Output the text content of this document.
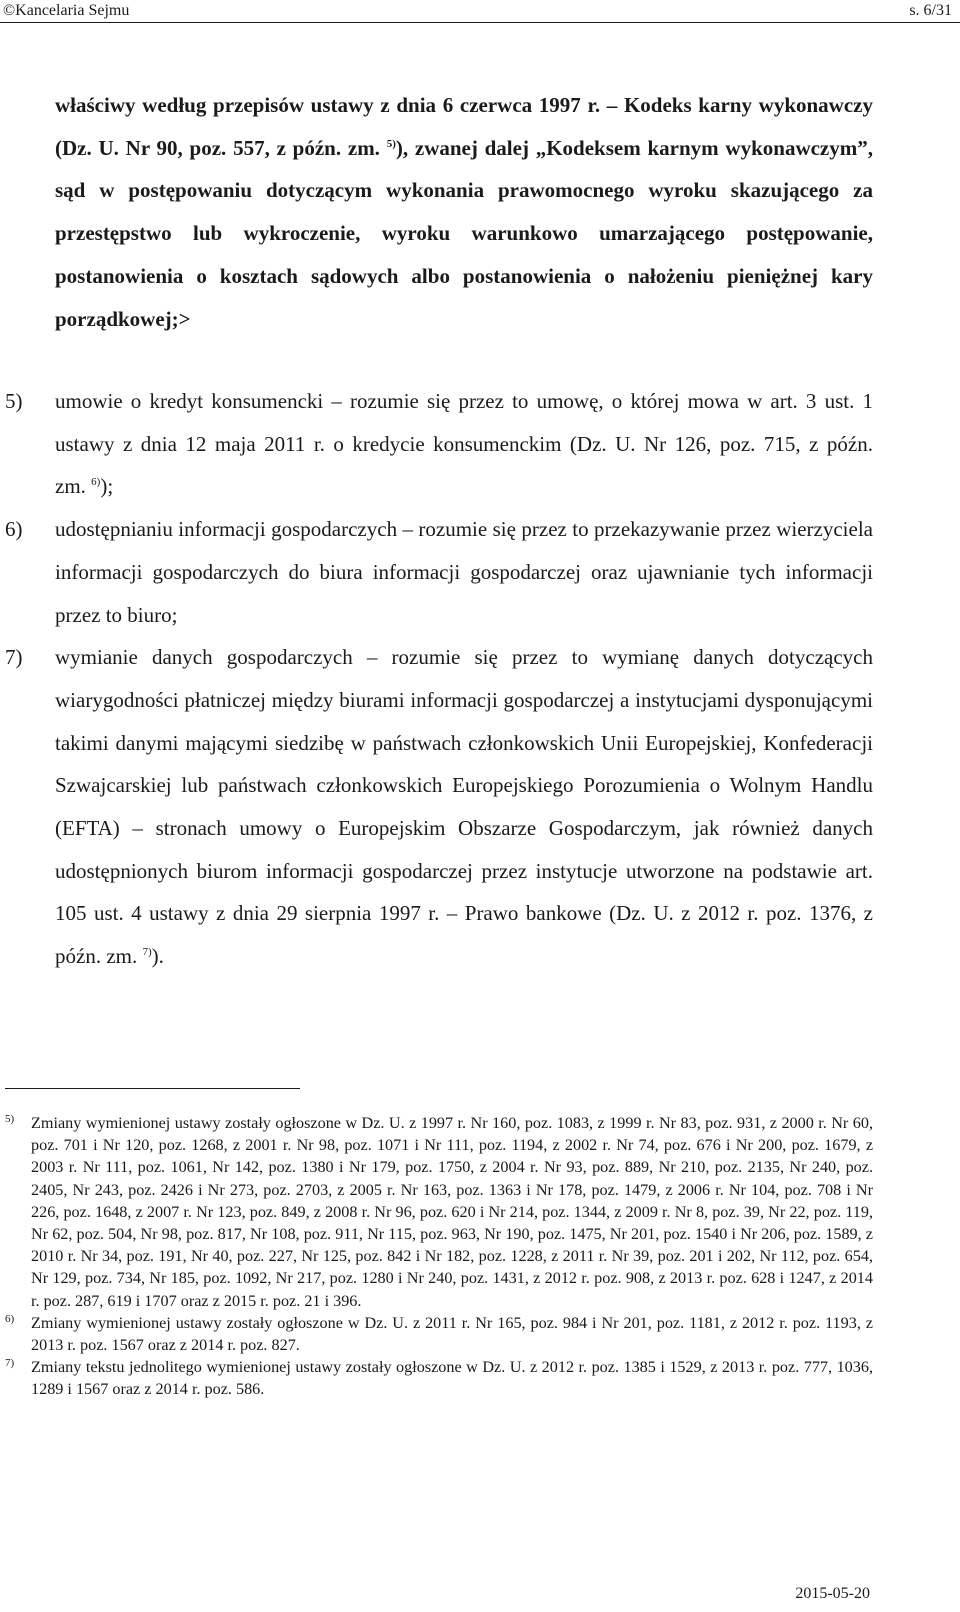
©Kancelaria Sejmu	s. 6/31
właściwy według przepisów ustawy z dnia 6 czerwca 1997 r. – Kodeks karny wykonawczy (Dz. U. Nr 90, poz. 557, z późn. zm. $^{5)}$), zwanej dalej „Kodeksem karnym wykonawczym”, sąd w postępowaniu dotyczącym wykonania prawomocnego wyroku skazującego za przestępstwo lub wykroczenie, wyroku warunkowo umarzającego postępowanie, postanowienia o kosztach sądowych albo postanowienia o nałożeniu pieniężnej kary porządkowej;>
5)	umowie o kredyt konsumencki – rozumie się przez to umowę, o której mowa w art. 3 ust. 1 ustawy z dnia 12 maja 2011 r. o kredycie konsumenckim (Dz. U. Nr 126, poz. 715, z późn. zm. $^{6)}$);
6)	udostępnianiu informacji gospodarczych – rozumie się przez to przekazywanie przez wierzyciela informacji gospodarczych do biura informacji gospodarczej oraz ujawnianie tych informacji przez to biuro;
7)	wymianie danych gospodarczych – rozumie się przez to wymianę danych dotyczących wiarygodności płatniczej między biurami informacji gospodarczej a instytucjami dysponującymi takimi danymi mającymi siedzibę w państwach członkowskich Unii Europejskiej, Konfederacji Szwajcarskiej lub państwach członkowskich Europejskiego Porozumienia o Wolnym Handlu (EFTA) – stronach umowy o Europejskim Obszarze Gospodarczym, jak również danych udostępnionych biurom informacji gospodarczej przez instytucje utworzone na podstawie art. 105 ust. 4 ustawy z dnia 29 sierpnia 1997 r. – Prawo bankowe (Dz. U. z 2012 r. poz. 1376, z późn. zm. $^{7)}$).
5)	Zmiany wymienionej ustawy zostały ogłoszone w Dz. U. z 1997 r. Nr 160, poz. 1083, z 1999 r. Nr 83, poz. 931, z 2000 r. Nr 60, poz. 701 i Nr 120, poz. 1268, z 2001 r. Nr 98, poz. 1071 i Nr 111, poz. 1194, z 2002 r. Nr 74, poz. 676 i Nr 200, poz. 1679, z 2003 r. Nr 111, poz. 1061, Nr 142, poz. 1380 i Nr 179, poz. 1750, z 2004 r. Nr 93, poz. 889, Nr 210, poz. 2135, Nr 240, poz. 2405, Nr 243, poz. 2426 i Nr 273, poz. 2703, z 2005 r. Nr 163, poz. 1363 i Nr 178, poz. 1479, z 2006 r. Nr 104, poz. 708 i Nr 226, poz. 1648, z 2007 r. Nr 123, poz. 849, z 2008 r. Nr 96, poz. 620 i Nr 214, poz. 1344, z 2009 r. Nr 8, poz. 39, Nr 22, poz. 119, Nr 62, poz. 504, Nr 98, poz. 817, Nr 108, poz. 911, Nr 115, poz. 963, Nr 190, poz. 1475, Nr 201, poz. 1540 i Nr 206, poz. 1589, z 2010 r. Nr 34, poz. 191, Nr 40, poz. 227, Nr 125, poz. 842 i Nr 182, poz. 1228, z 2011 r. Nr 39, poz. 201 i 202, Nr 112, poz. 654, Nr 129, poz. 734, Nr 185, poz. 1092, Nr 217, poz. 1280 i Nr 240, poz. 1431, z 2012 r. poz. 908, z 2013 r. poz. 628 i 1247, z 2014 r. poz. 287, 619 i 1707 oraz z 2015 r. poz. 21 i 396.
6)	Zmiany wymienionej ustawy zostały ogłoszone w Dz. U. z 2011 r. Nr 165, poz. 984 i Nr 201, poz. 1181, z 2012 r. poz. 1193, z 2013 r. poz. 1567 oraz z 2014 r. poz. 827.
7)	Zmiany tekstu jednolitego wymienionej ustawy zostały ogłoszone w Dz. U. z 2012 r. poz. 1385 i 1529, z 2013 r. poz. 777, 1036, 1289 i 1567 oraz z 2014 r. poz. 586.
2015-05-20
